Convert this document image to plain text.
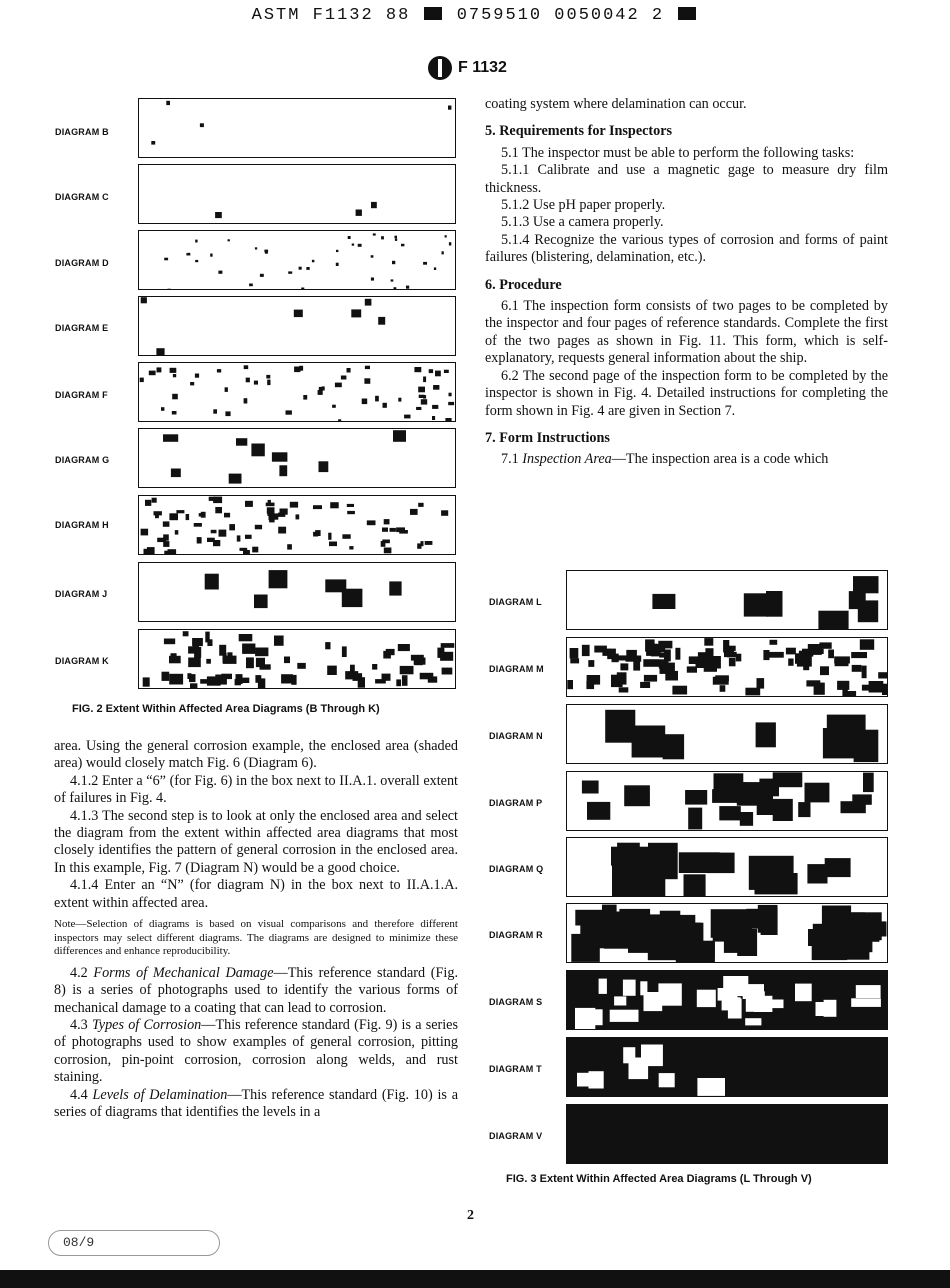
ASTM F1132 88	0759510 0050042 2
F 1132
DIAGRAM B
DIAGRAM C
DIAGRAM D
DIAGRAM E
DIAGRAM F
DIAGRAM G
DIAGRAM H
DIAGRAM J
DIAGRAM K
FIG. 2 Extent Within Affected Area Diagrams (B Through K)

area. Using the general corrosion example, the enclosed area (shaded area) would closely match Fig. 6 (Diagram 6).

4.1.2 Enter a “6” (for Fig. 6) in the box next to II.A.1. overall extent of failures in Fig. 4.

4.1.3 The second step is to look at only the enclosed area and select the diagram from the extent within affected area diagrams that most closely identifies the pattern of general corrosion in the enclosed area. In this example, Fig. 7 (Diagram N) would be a good choice.

4.1.4 Enter an “N” (for diagram N) in the box next to II.A.1.A. extent within affected area.

Note—Selection of diagrams is based on visual comparisons and therefore different inspectors may select different diagrams. The diagrams are designed to minimize these differences and enhance reproducibility.

4.2 Forms of Mechanical Damage—This reference standard (Fig. 8) is a series of photographs used to identify the various forms of mechanical damage to a coating that can lead to corrosion.

4.3 Types of Corrosion—This reference standard (Fig. 9) is a series of photographs used to show examples of general corrosion, pitting corrosion, pin-point corrosion, corrosion along welds, and rust staining.

4.4 Levels of Delamination—This reference standard (Fig. 10) is a series of diagrams that identifies the levels in a

coating system where delamination can occur.

5. Requirements for Inspectors

5.1 The inspector must be able to perform the following tasks:

5.1.1 Calibrate and use a magnetic gage to measure dry film thickness.

5.1.2 Use pH paper properly.

5.1.3 Use a camera properly.

5.1.4 Recognize the various types of corrosion and forms of paint failures (blistering, delamination, etc.).

6. Procedure

6.1 The inspection form consists of two pages to be completed by the inspector and four pages of reference standards. Complete the first of the two pages as shown in Fig. 11. This form, which is self-explanatory, requests general information about the ship.

6.2 The second page of the inspection form to be completed by the inspector is shown in Fig. 4. Detailed instructions for completing the form shown in Fig. 4 are given in Section 7.

7. Form Instructions

7.1 Inspection Area—The inspection area is a code which

DIAGRAM L
DIAGRAM M
DIAGRAM N
DIAGRAM P
DIAGRAM Q
DIAGRAM R
DIAGRAM S
DIAGRAM T
DIAGRAM V
FIG. 3 Extent Within Affected Area Diagrams (L Through V)
2
08/9
